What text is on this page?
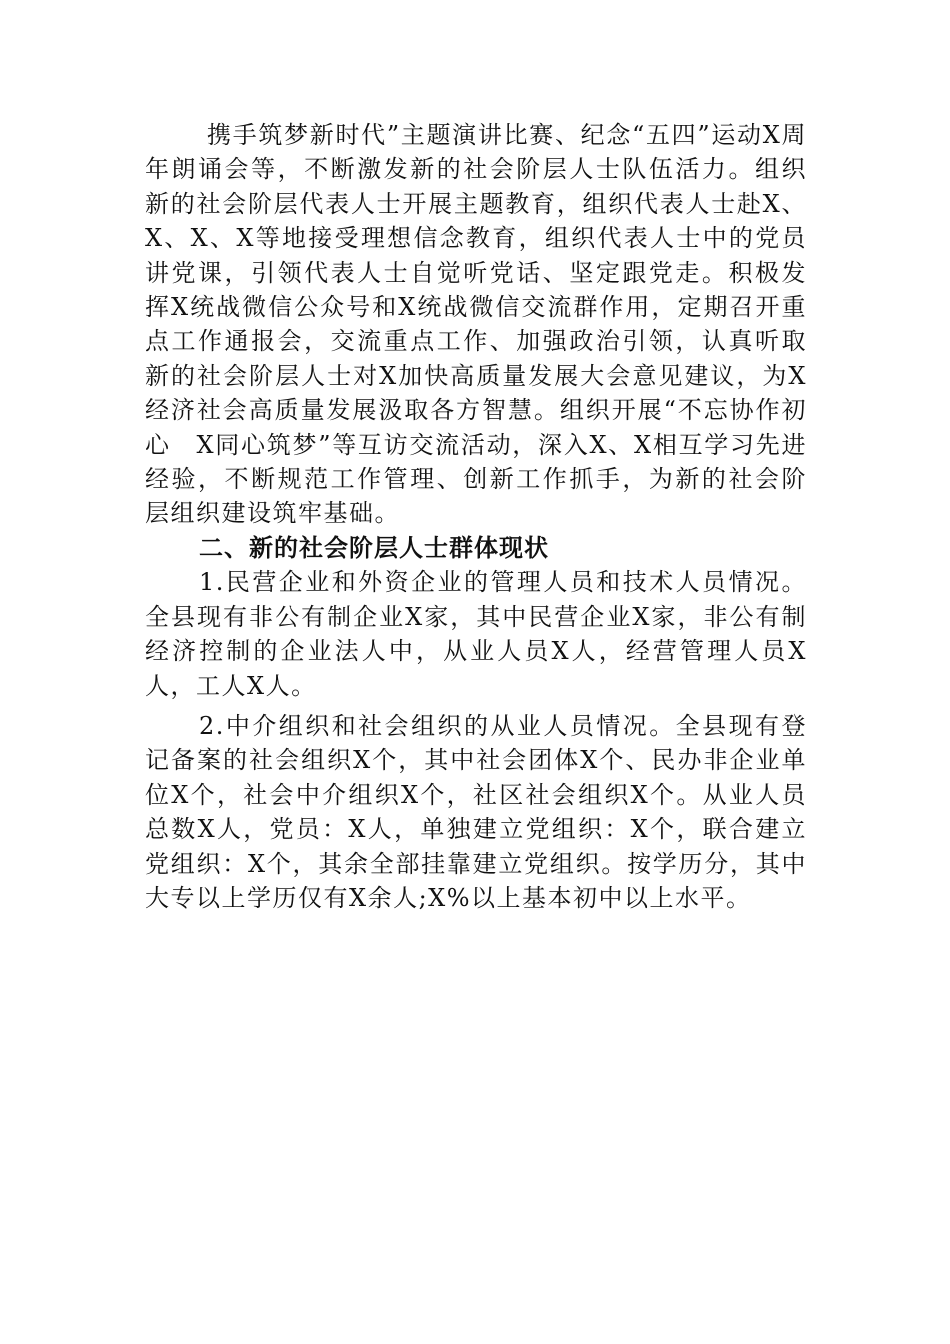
携手筑梦新时代”主题演讲比赛、纪念“五四”运动X周年朗诵会等，不断激发新的社会阶层人士队伍活力。组织新的社会阶层代表人士开展主题教育，组织代表人士赴X、X、X、X等地接受理想信念教育，组织代表人士中的党员讲党课，引领代表人士自觉听党话、坚定跟党走。积极发挥X统战微信公众号和X统战微信交流群作用，定期召开重点工作通报会，交流重点工作、加强政治引领，认真听取新的社会阶层人士对X加快高质量发展大会意见建议，为X经济社会高质量发展汲取各方智慧。组织开展“不忘协作初心　X同心筑梦”等互访交流活动，深入X、X相互学习先进经验，不断规范工作管理、创新工作抓手，为新的社会阶层组织建设筑牢基础。

二、新的社会阶层人士群体现状

1.民营企业和外资企业的管理人员和技术人员情况。全县现有非公有制企业X家，其中民营企业X家，非公有制经济控制的企业法人中，从业人员X人，经营管理人员X人，工人X人。

2.中介组织和社会组织的从业人员情况。全县现有登记备案的社会组织X个，其中社会团体X个、民办非企业单位X个，社会中介组织X个，社区社会组织X个。从业人员总数X人，党员：X人，单独建立党组织：X个，联合建立党组织：X个，其余全部挂靠建立党组织。按学历分，其中大专以上学历仅有X余人;X%以上基本初中以上水平。
